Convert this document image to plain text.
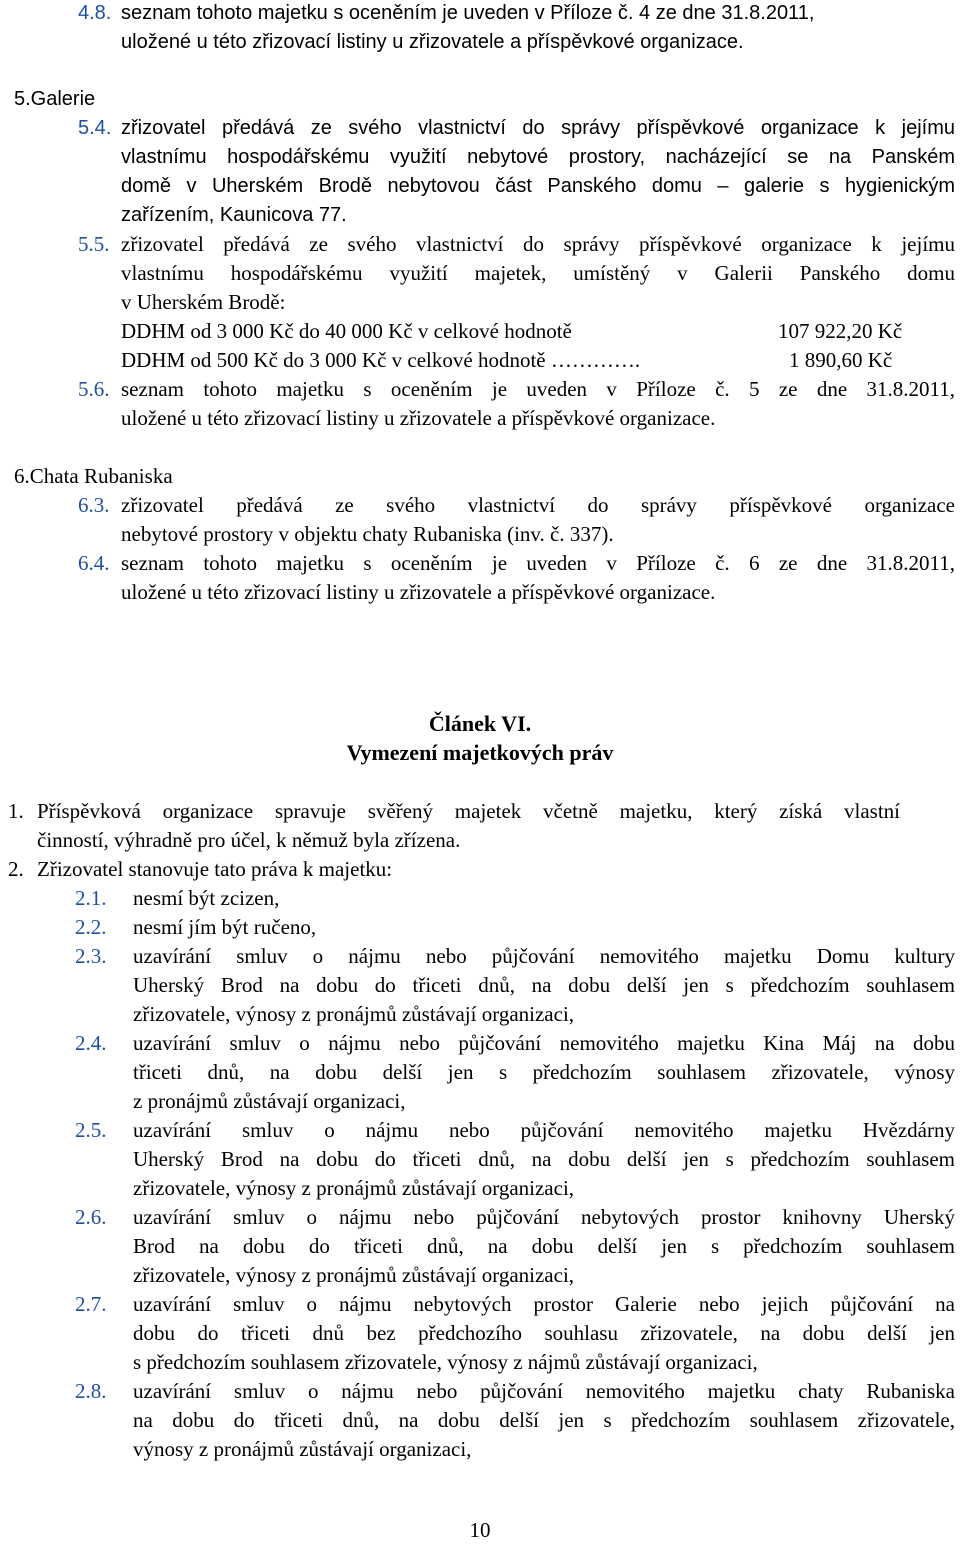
4.8. seznam tohoto majetku s oceněním je uveden v Příloze č. 4 ze dne 31.8.2011,
uložené u této zřizovací listiny u zřizovatele a příspěvkové organizace.
5.Galerie
5.4. zřizovatel předává ze svého vlastnictví do správy příspěvkové organizace k jejímu
vlastnímu hospodářskému využití nebytové prostory, nacházející se na Panském
domě v Uherském Brodě nebytovou část Panského domu – galerie s hygienickým
zařízením, Kaunicova 77.
5.5. zřizovatel předává ze svého vlastnictví do správy příspěvkové organizace k jejímu
vlastnímu hospodářskému využití majetek, umístěný v Galerii Panského domu
v Uherském Brodě:
DDHM od 3 000 Kč do 40 000 Kč v celkové hodnotě	107 922,20 Kč
DDHM od 500 Kč do 3 000 Kč v celkové hodnotě ………….	1 890,60 Kč
5.6. seznam tohoto majetku s oceněním je uveden v Příloze č. 5 ze dne 31.8.2011,
uložené u této zřizovací listiny u zřizovatele a příspěvkové organizace.
6.Chata Rubaniska
6.3. zřizovatel předává ze svého vlastnictví do správy příspěvkové organizace
nebytové prostory v objektu chaty Rubaniska (inv. č. 337).
6.4. seznam tohoto majetku s oceněním je uveden v Příloze č. 6 ze dne 31.8.2011,
uložené u této zřizovací listiny u zřizovatele a příspěvkové organizace.
Článek VI.
Vymezení majetkových práv
1. Příspěvková organizace spravuje svěřený majetek včetně majetku, který získá vlastní
činností, výhradně pro účel, k němuž byla zřízena.
2. Zřizovatel stanovuje tato práva k majetku:
2.1. nesmí být zcizen,
2.2. nesmí jím být ručeno,
2.3. uzavírání smluv o nájmu nebo půjčování nemovitého majetku Domu kultury
Uherský Brod na dobu do třiceti dnů, na dobu delší jen s předchozím souhlasem
zřizovatele, výnosy z pronájmů zůstávají organizaci,
2.4. uzavírání smluv o nájmu nebo půjčování nemovitého majetku Kina Máj na dobu
třiceti dnů, na dobu delší jen s předchozím souhlasem zřizovatele, výnosy
z pronájmů zůstávají organizaci,
2.5. uzavírání smluv o nájmu nebo půjčování nemovitého majetku Hvězdárny
Uherský Brod na dobu do třiceti dnů, na dobu delší jen s předchozím souhlasem
zřizovatele, výnosy z pronájmů zůstávají organizaci,
2.6. uzavírání smluv o nájmu nebo půjčování nebytových prostor knihovny Uherský
Brod na dobu do třiceti dnů, na dobu delší jen s předchozím souhlasem
zřizovatele, výnosy z pronájmů zůstávají organizaci,
2.7. uzavírání smluv o nájmu nebytových prostor Galerie nebo jejich půjčování na
dobu do třiceti dnů bez předchozího souhlasu zřizovatele, na dobu delší jen
s předchozím souhlasem zřizovatele, výnosy z nájmů zůstávají organizaci,
2.8. uzavírání smluv o nájmu nebo půjčování nemovitého majetku chaty Rubaniska
na dobu do třiceti dnů, na dobu delší jen s předchozím souhlasem zřizovatele,
výnosy z pronájmů zůstávají organizaci,
10
